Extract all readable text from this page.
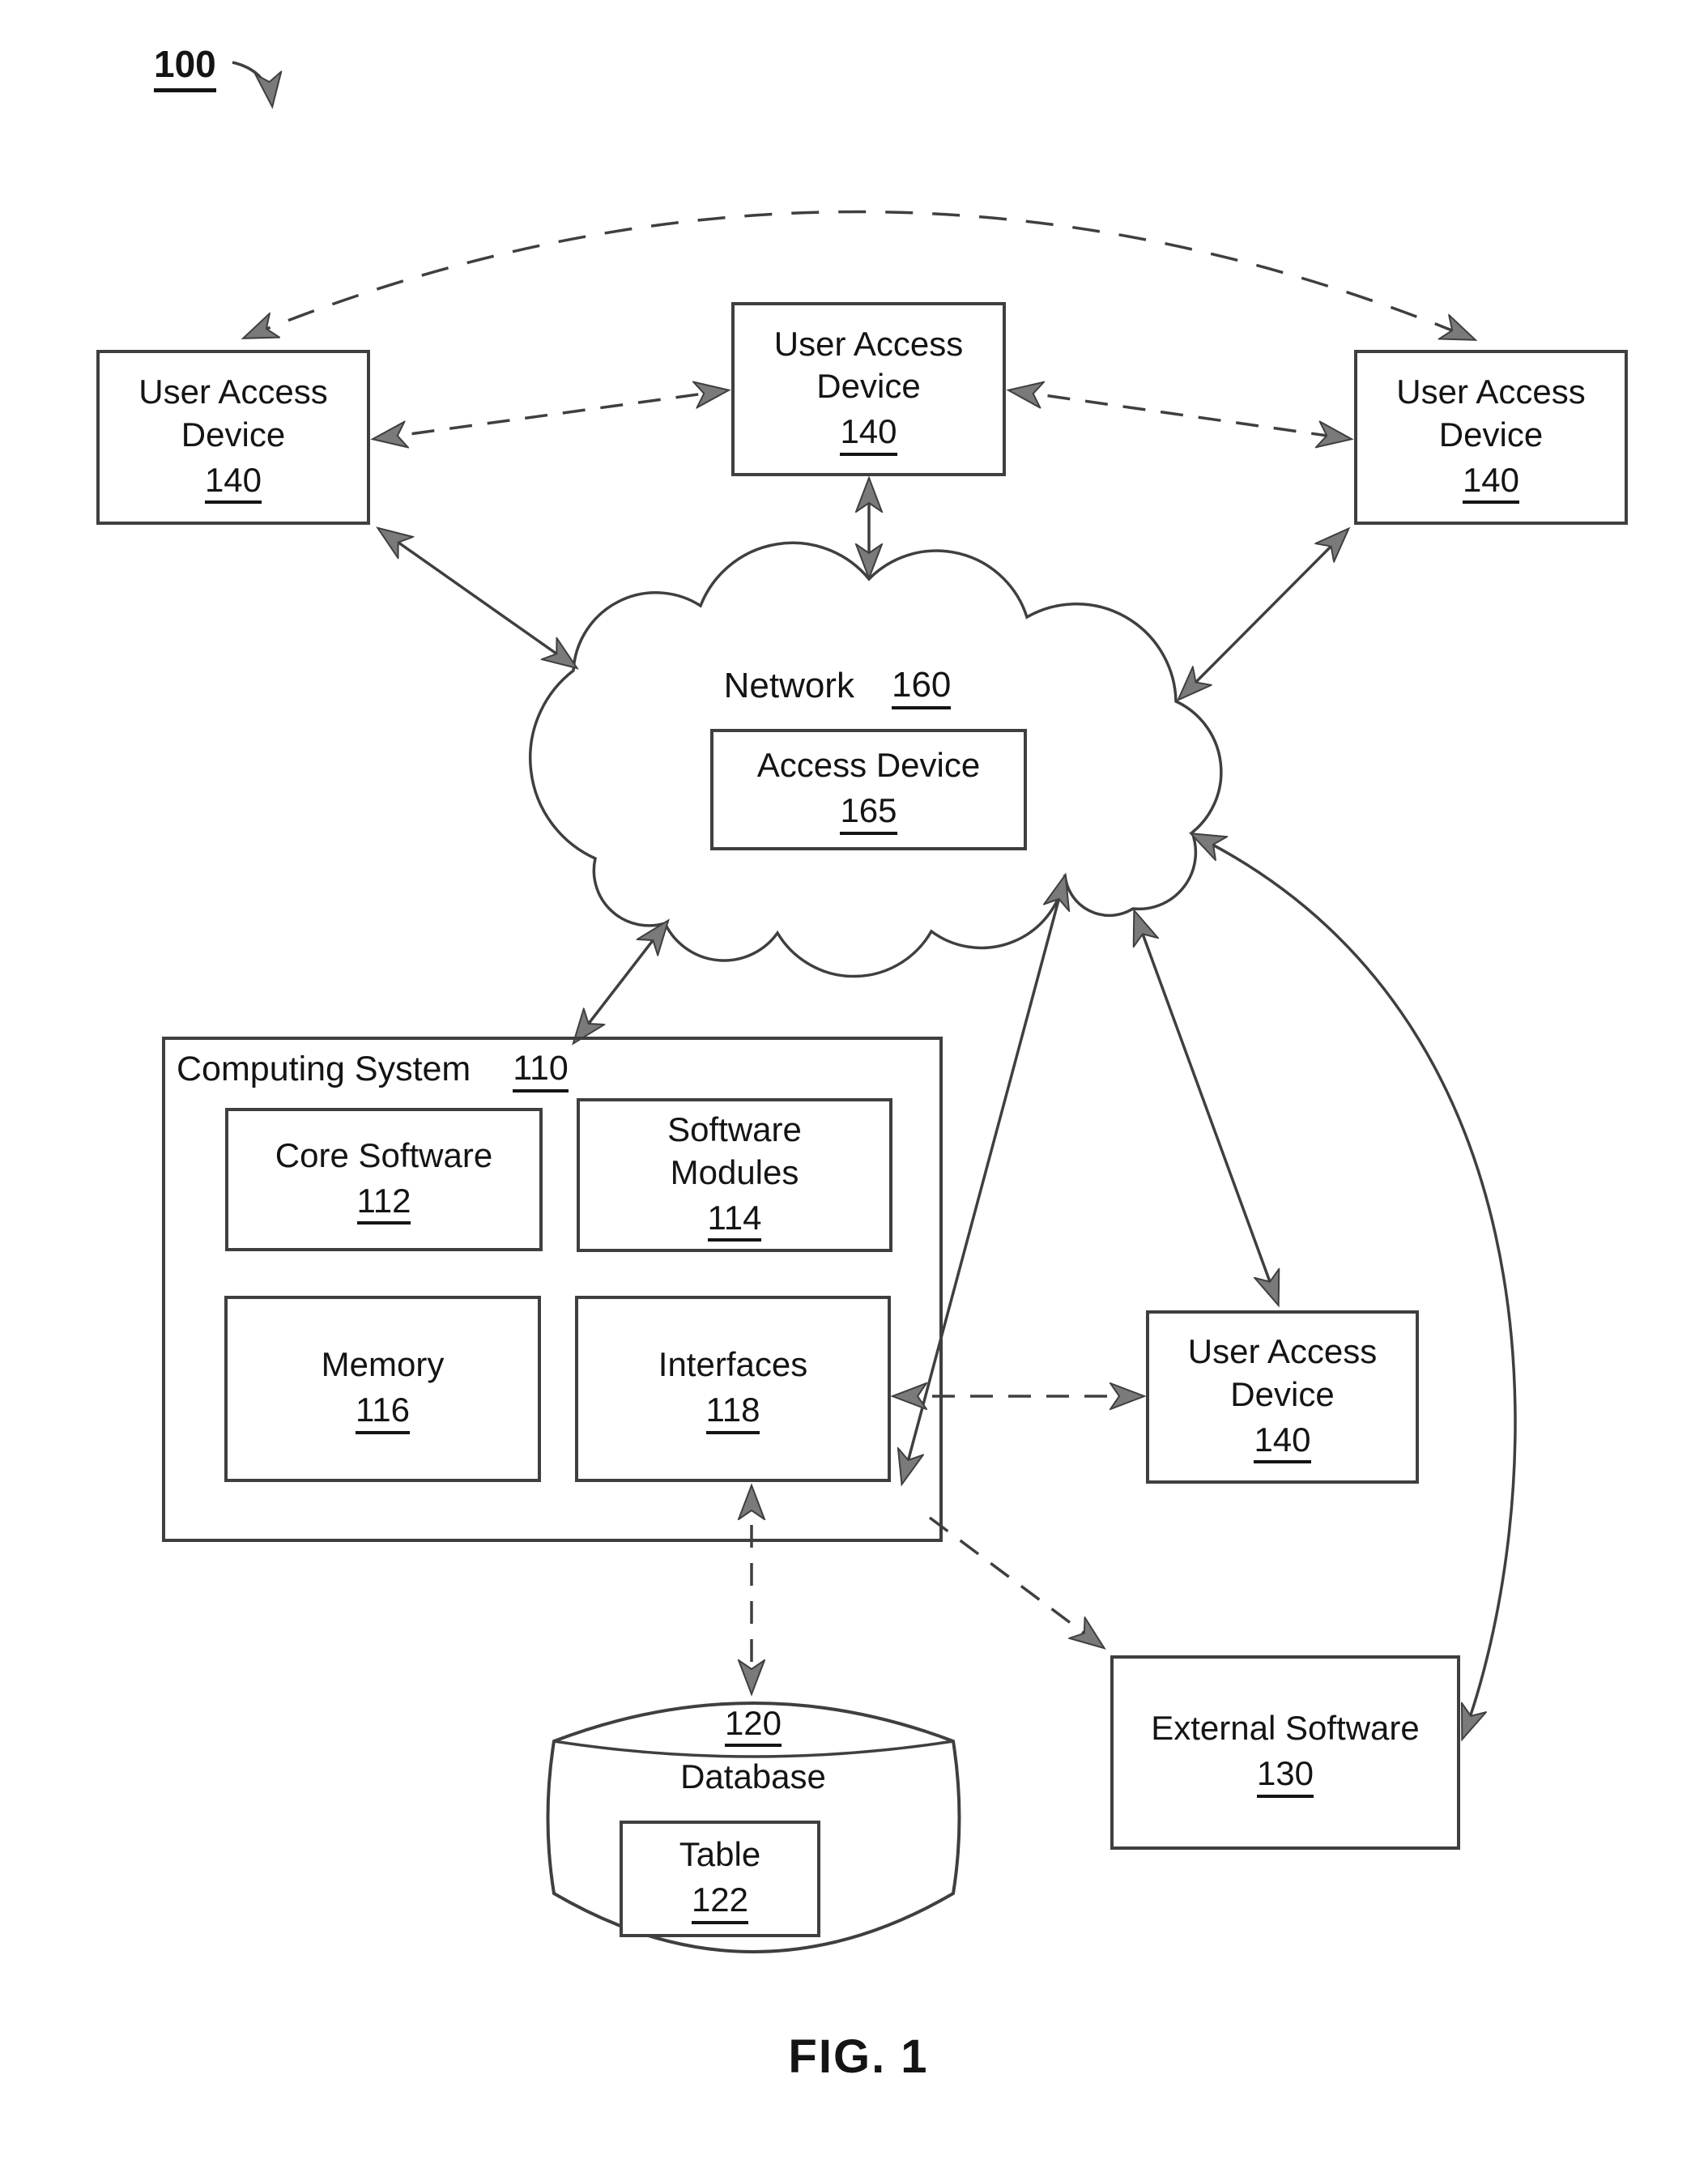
100
User Access Device
140
User Access Device
140
User Access Device
140
Network 160
Access Device
165
Computing System 110
Core Software
112
Software Modules
114
Memory
116
Interfaces
118
User Access Device
140
External Software
130
120
Database
Table
122
FIG. 1
